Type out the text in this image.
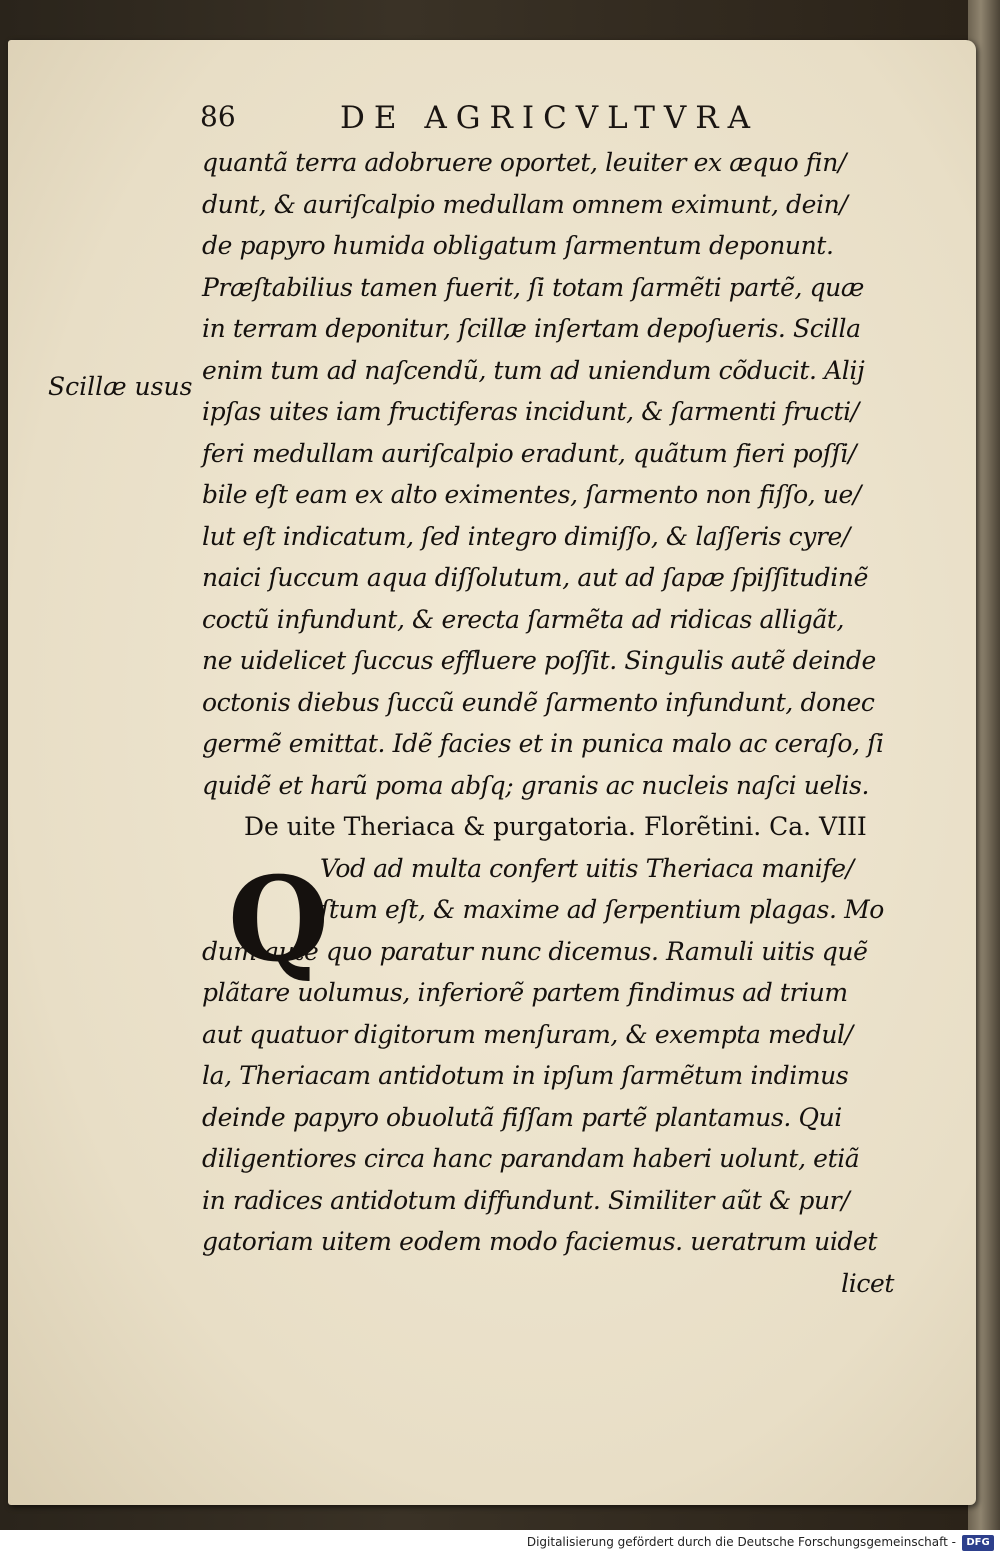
86	DE AGRICVLTVRA
Scillæ usus
quantã terra adobruere oportet, leuiter ex æquo fin/
dunt, & auriſcalpio medullam omnem eximunt, dein/
de papyro humida obligatum ſarmentum deponunt.
Præſtabilius tamen fuerit, ſi totam ſarmẽti partẽ, quæ
in terram deponitur, ſcillæ inſertam depoſueris. Scilla
enim tum ad naſcendũ, tum ad uniendum cõducit. Alij
ipſas uites iam fructiferas incidunt, & ſarmenti fructi/
feri medullam auriſcalpio eradunt, quãtum fieri poſſi/
bile eſt eam ex alto eximentes, ſarmento non fiſſo, ue/
lut eſt indicatum, ſed integro dimiſſo, & laſſeris cyre/
naici ſuccum aqua diſſolutum, aut ad ſapæ ſpiſſitudinẽ
coctũ infundunt, & erecta ſarmẽta ad ridicas alligãt,
ne uidelicet ſuccus effluere poſſit. Singulis autẽ deinde
octonis diebus ſuccũ eundẽ ſarmento infundunt, donec
germẽ emittat. Idẽ facies et in punica malo ac ceraſo, ſi
quidẽ et harũ poma abſq; granis ac nucleis naſci uelis.
De uite Theriaca & purgatoria. Florẽtini. Ca. VIII
Vod ad multa confert uitis Theriaca manife/
ſtum eſt, & maxime ad ſerpentium plagas. Mo
dum autẽ quo paratur nunc dicemus. Ramuli uitis quẽ
plãtare uolumus, inferiorẽ partem findimus ad trium
aut quatuor digitorum menſuram, & exempta medul/
la, Theriacam antidotum in ipſum ſarmẽtum indimus
deinde papyro obuolutã fiſſam partẽ plantamus. Qui
diligentiores circa hanc parandam haberi uolunt, etiã
in radices antidotum diffundunt. Similiter aũt & pur/
gatoriam uitem eodem modo faciemus. ueratrum uidet
licet
Q
Digitalisierung gefördert durch die Deutsche Forschungsgemeinschaft -	DFG
